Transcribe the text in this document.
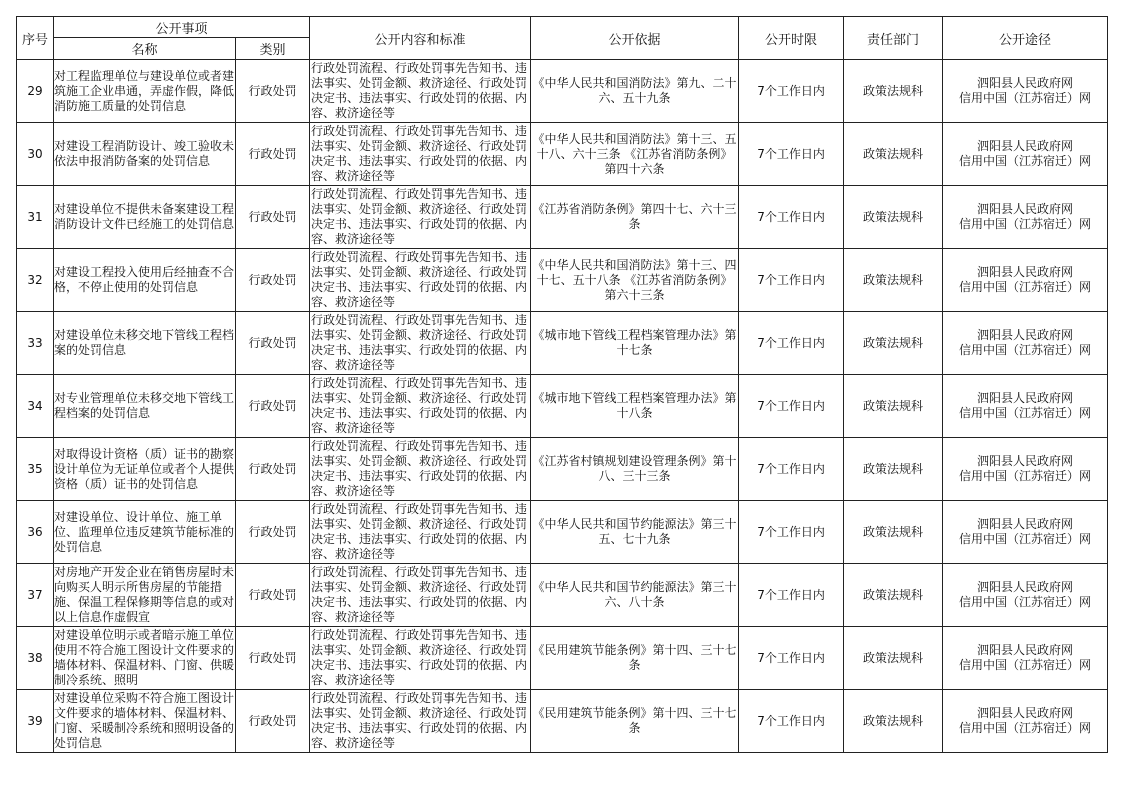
序号	公开事项		公开内容和标准	公开依据	公开时限	责任部门	公开途径
	名称	类别					
29	对工程监理单位与建设单位或者建筑施工企业串通，弄虚作假，降低消防施工质量的处罚信息	行政处罚	行政处罚流程、行政处罚事先告知书、违法事实、处罚金额、救济途径、行政处罚决定书、违法事实、行政处罚的依据、内容、救济途径等	《中华人民共和国消防法》第九、二十六、五十九条	7个工作日内	政策法规科	泗阳县人民政府网
信用中国（江苏宿迁）网

30	对建设工程消防设计、竣工验收未依法申报消防备案的处罚信息	行政处罚	行政处罚流程、行政处罚事先告知书、违法事实、处罚金额、救济途径、行政处罚决定书、违法事实、行政处罚的依据、内容、救济途径等	《中华人民共和国消防法》第十三、五十八、六十三条 《江苏省消防条例》第四十六条	7个工作日内	政策法规科	泗阳县人民政府网
信用中国（江苏宿迁）网

31	对建设单位不提供未备案建设工程消防设计文件已经施工的处罚信息	行政处罚	行政处罚流程、行政处罚事先告知书、违法事实、处罚金额、救济途径、行政处罚决定书、违法事实、行政处罚的依据、内容、救济途径等	《江苏省消防条例》第四十七、六十三条	7个工作日内	政策法规科	泗阳县人民政府网
信用中国（江苏宿迁）网

32	对建设工程投入使用后经抽查不合格，不停止使用的处罚信息	行政处罚	行政处罚流程、行政处罚事先告知书、违法事实、处罚金额、救济途径、行政处罚决定书、违法事实、行政处罚的依据、内容、救济途径等	《中华人民共和国消防法》第十三、四十七、五十八条 《江苏省消防条例》 第六十三条	7个工作日内	政策法规科	泗阳县人民政府网
信用中国（江苏宿迁）网

33	对建设单位未移交地下管线工程档案的处罚信息	行政处罚	行政处罚流程、行政处罚事先告知书、违法事实、处罚金额、救济途径、行政处罚决定书、违法事实、行政处罚的依据、内容、救济途径等	《城市地下管线工程档案管理办法》第十七条	7个工作日内	政策法规科	泗阳县人民政府网
信用中国（江苏宿迁）网

34	对专业管理单位未移交地下管线工程档案的处罚信息	行政处罚	行政处罚流程、行政处罚事先告知书、违法事实、处罚金额、救济途径、行政处罚决定书、违法事实、行政处罚的依据、内容、救济途径等	《城市地下管线工程档案管理办法》第十八条	7个工作日内	政策法规科	泗阳县人民政府网
信用中国（江苏宿迁）网

35	对取得设计资格（质）证书的勘察设计单位为无证单位或者个人提供资格（质）证书的处罚信息	行政处罚	行政处罚流程、行政处罚事先告知书、违法事实、处罚金额、救济途径、行政处罚决定书、违法事实、行政处罚的依据、内容、救济途径等	《江苏省村镇规划建设管理条例》第十八、三十三条	7个工作日内	政策法规科	泗阳县人民政府网
信用中国（江苏宿迁）网

36	对建设单位、设计单位、施工单位、监理单位违反建筑节能标准的处罚信息	行政处罚	行政处罚流程、行政处罚事先告知书、违法事实、处罚金额、救济途径、行政处罚决定书、违法事实、行政处罚的依据、内容、救济途径等	《中华人民共和国节约能源法》第三十五、七十九条	7个工作日内	政策法规科	泗阳县人民政府网
信用中国（江苏宿迁）网

37	对房地产开发企业在销售房屋时未向购买人明示所售房屋的节能措施、保温工程保修期等信息的或对以上信息作虚假宣	行政处罚	行政处罚流程、行政处罚事先告知书、违法事实、处罚金额、救济途径、行政处罚决定书、违法事实、行政处罚的依据、内容、救济途径等	《中华人民共和国节约能源法》第三十六、八十条	7个工作日内	政策法规科	泗阳县人民政府网
信用中国（江苏宿迁）网

38	对建设单位明示或者暗示施工单位使用不符合施工图设计文件要求的墙体材料、保温材料、门窗、供暖制冷系统、照明	行政处罚	行政处罚流程、行政处罚事先告知书、违法事实、处罚金额、救济途径、行政处罚决定书、违法事实、行政处罚的依据、内容、救济途径等	《民用建筑节能条例》第十四、三十七条	7个工作日内	政策法规科	泗阳县人民政府网
信用中国（江苏宿迁）网

39	对建设单位采购不符合施工图设计文件要求的墙体材料、保温材料、门窗、采暖制冷系统和照明设备的处罚信息	行政处罚	行政处罚流程、行政处罚事先告知书、违法事实、处罚金额、救济途径、行政处罚决定书、违法事实、行政处罚的依据、内容、救济途径等	《民用建筑节能条例》第十四、三十七条	7个工作日内	政策法规科	泗阳县人民政府网
信用中国（江苏宿迁）网
